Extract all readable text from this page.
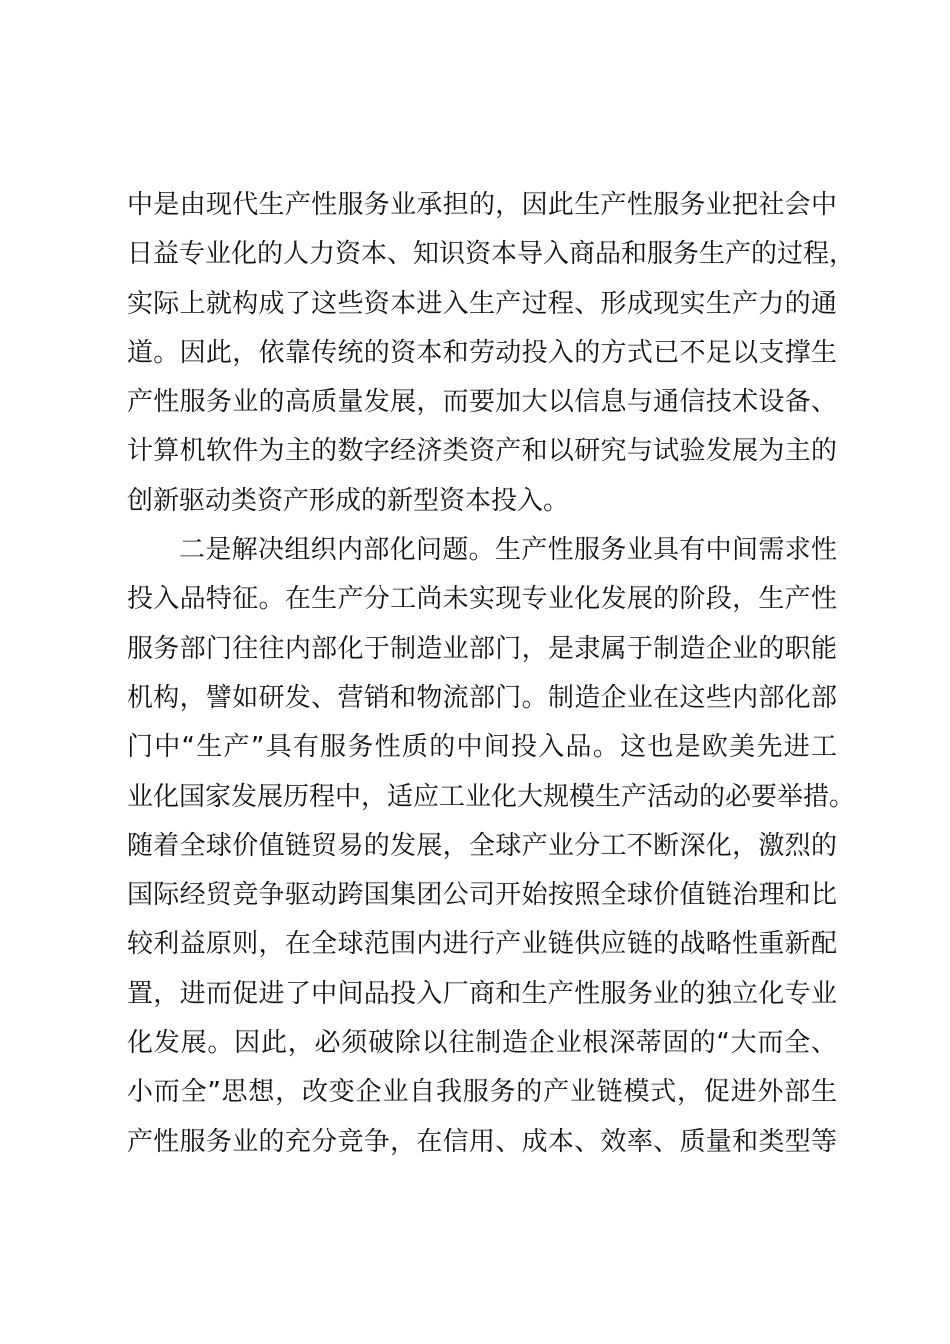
中是由现代生产性服务业承担的，因此生产性服务业把社会中
日益专业化的人力资本、知识资本导入商品和服务生产的过程，
实际上就构成了这些资本进入生产过程、形成现实生产力的通
道。因此，依靠传统的资本和劳动投入的方式已不足以支撑生
产性服务业的高质量发展，而要加大以信息与通信技术设备、
计算机软件为主的数字经济类资产和以研究与试验发展为主的
创新驱动类资产形成的新型资本投入。
二是解决组织内部化问题。生产性服务业具有中间需求性
投入品特征。在生产分工尚未实现专业化发展的阶段，生产性
服务部门往往内部化于制造业部门，是隶属于制造企业的职能
机构，譬如研发、营销和物流部门。制造企业在这些内部化部
门中“生产”具有服务性质的中间投入品。这也是欧美先进工
业化国家发展历程中，适应工业化大规模生产活动的必要举措。
随着全球价值链贸易的发展，全球产业分工不断深化，激烈的
国际经贸竞争驱动跨国集团公司开始按照全球价值链治理和比
较利益原则，在全球范围内进行产业链供应链的战略性重新配
置，进而促进了中间品投入厂商和生产性服务业的独立化专业
化发展。因此，必须破除以往制造企业根深蒂固的“大而全、
小而全”思想，改变企业自我服务的产业链模式，促进外部生
产性服务业的充分竞争，在信用、成本、效率、质量和类型等
